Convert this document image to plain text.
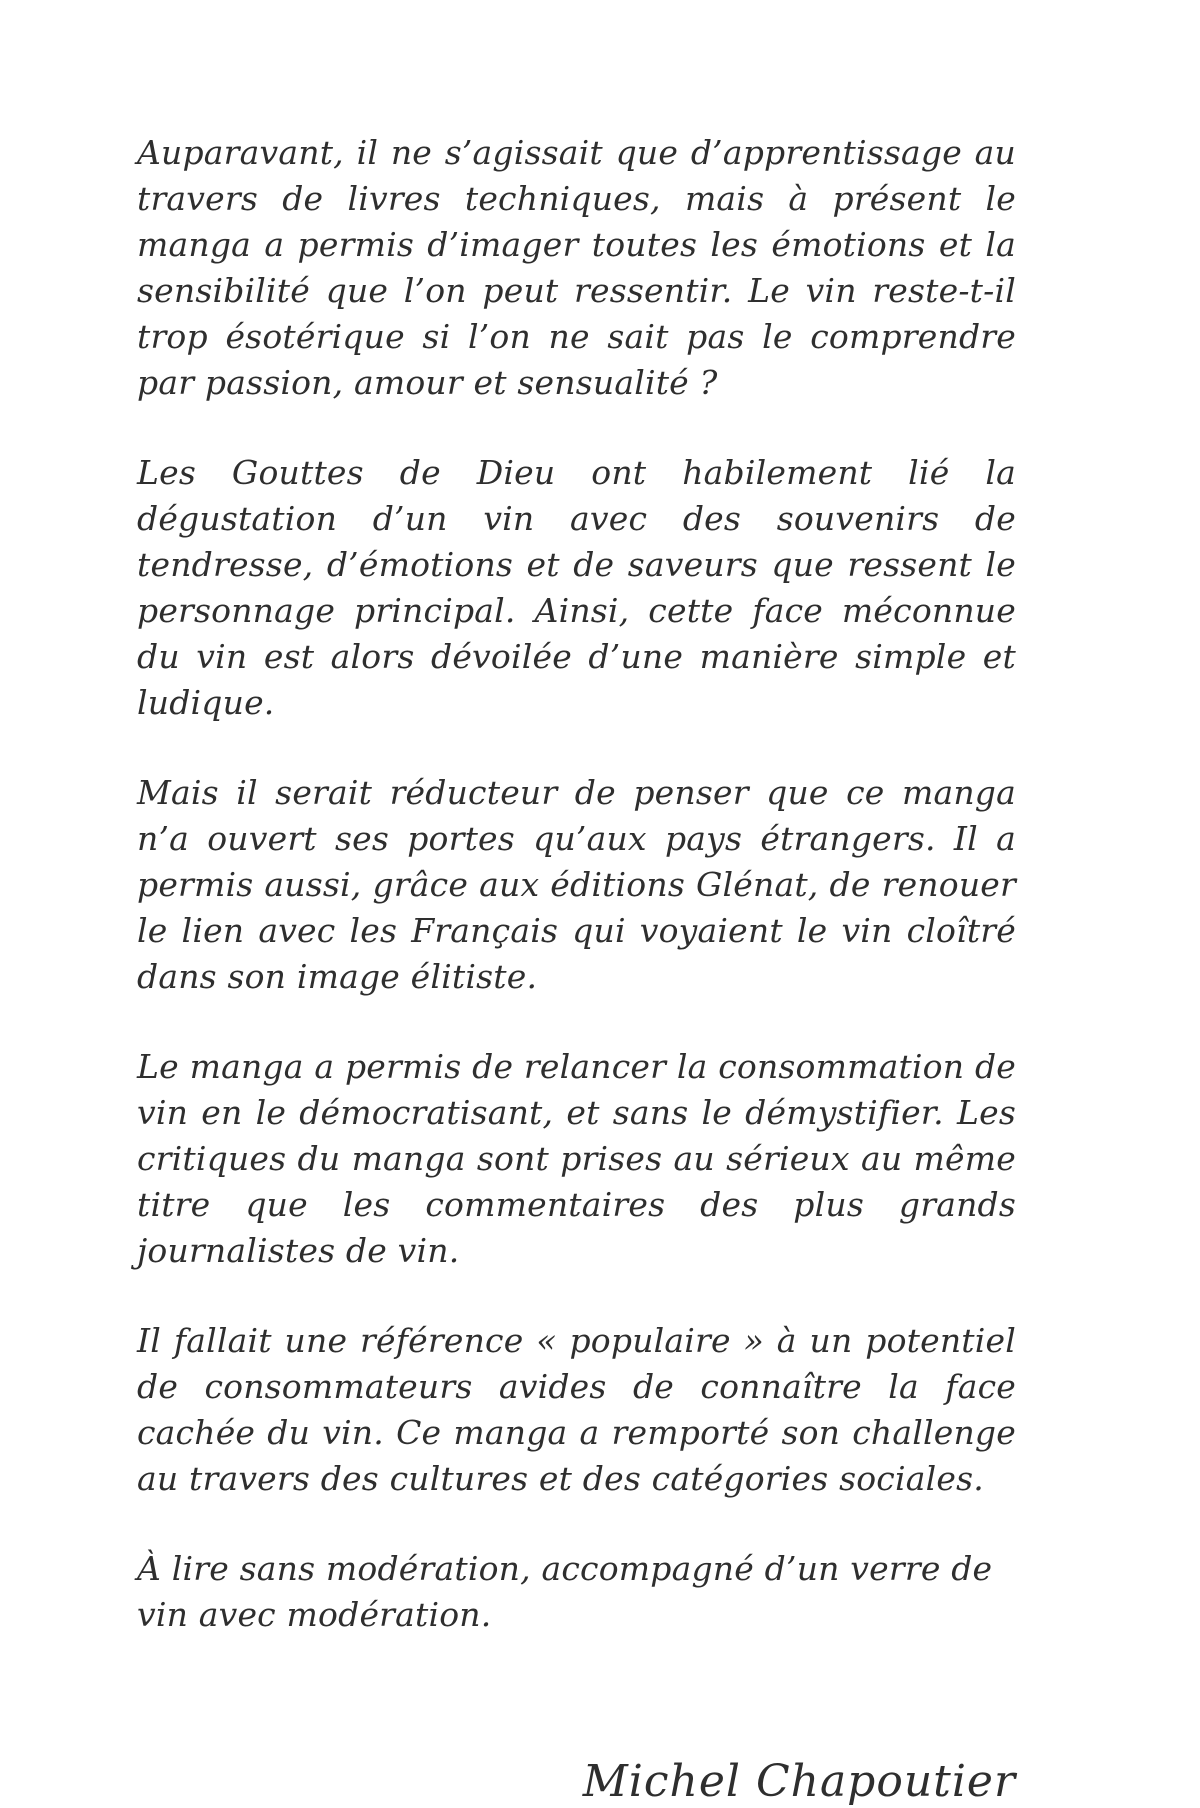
Auparavant, il ne s’agissait que d’apprentissage au travers de livres techniques, mais à présent le manga a permis d’imager toutes les émotions et la sensibilité que l’on peut ressentir. Le vin reste-t-il trop ésotérique si l’on ne sait pas le comprendre par passion, amour et sensualité ?

Les Gouttes de Dieu ont habilement lié la dégustation d’un vin avec des souvenirs de tendresse, d’émotions et de saveurs que ressent le personnage principal. Ainsi, cette face méconnue du vin est alors dévoilée d’une manière simple et ludique.

Mais il serait réducteur de penser que ce manga n’a ouvert ses portes qu’aux pays étrangers. Il a permis aussi, grâce aux éditions Glénat, de renouer le lien avec les Français qui voyaient le vin cloîtré dans son image élitiste.

Le manga a permis de relancer la consommation de vin en le démocratisant, et sans le démystifier. Les critiques du manga sont prises au sérieux au même titre que les commentaires des plus grands journalistes de vin.

Il fallait une référence « populaire » à un potentiel de consommateurs avides de connaître la face cachée du vin. Ce manga a remporté son challenge au travers des cultures et des catégories sociales.

À lire sans modération, accompagné d’un verre de vin avec modération.

Michel Chapoutier
